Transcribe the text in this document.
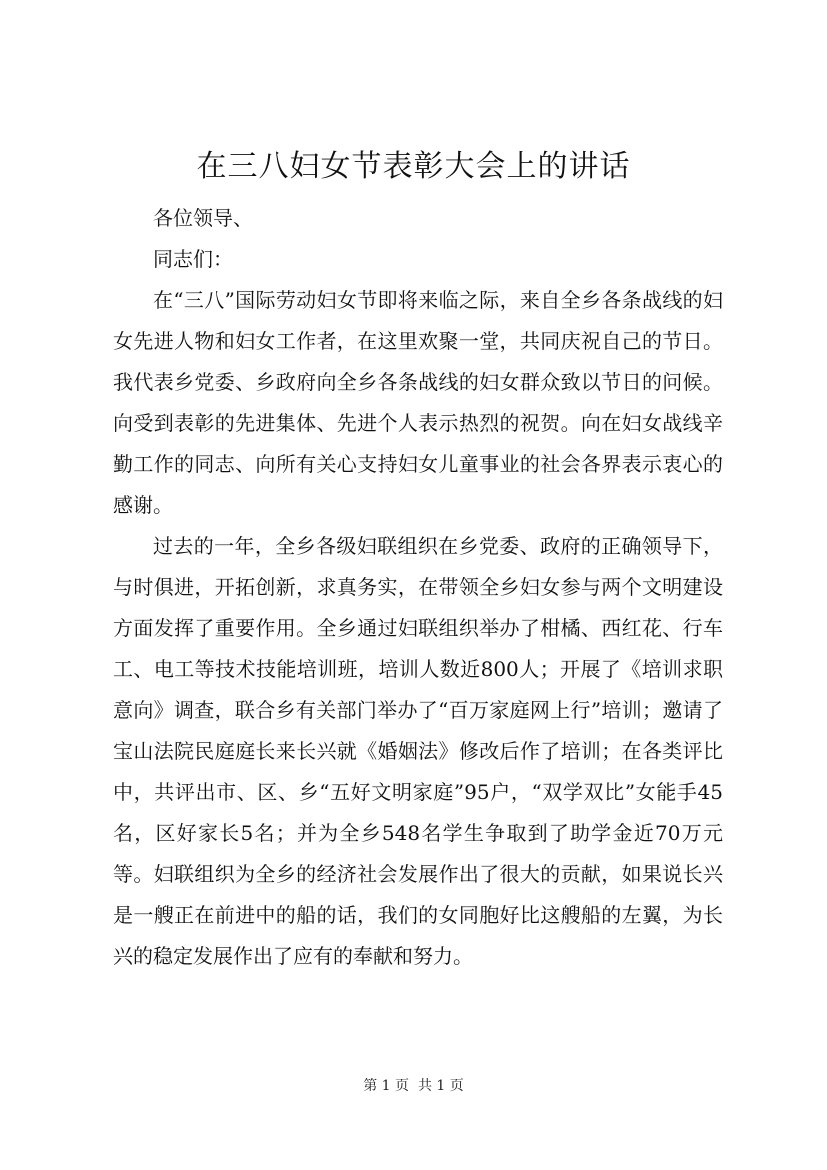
在三八妇女节表彰大会上的讲话

各位领导、

同志们：

在“三八”国际劳动妇女节即将来临之际，来自全乡各条战线的妇女先进人物和妇女工作者，在这里欢聚一堂，共同庆祝自己的节日。我代表乡党委、乡政府向全乡各条战线的妇女群众致以节日的问候。向受到表彰的先进集体、先进个人表示热烈的祝贺。向在妇女战线辛勤工作的同志、向所有关心支持妇女儿童事业的社会各界表示衷心的感谢。

过去的一年，全乡各级妇联组织在乡党委、政府的正确领导下，与时俱进，开拓创新，求真务实，在带领全乡妇女参与两个文明建设方面发挥了重要作用。全乡通过妇联组织举办了柑橘、西红花、行车工、电工等技术技能培训班，培训人数近800人；开展了《培训求职意向》调查，联合乡有关部门举办了“百万家庭网上行”培训；邀请了宝山法院民庭庭长来长兴就《婚姻法》修改后作了培训；在各类评比中，共评出市、区、乡“五好文明家庭”95户，“双学双比”女能手45名，区好家长5名；并为全乡548名学生争取到了助学金近70万元等。妇联组织为全乡的经济社会发展作出了很大的贡献，如果说长兴是一艘正在前进中的船的话，我们的女同胞好比这艘船的左翼，为长兴的稳定发展作出了应有的奉献和努力。

第 1 页  共 1 页
